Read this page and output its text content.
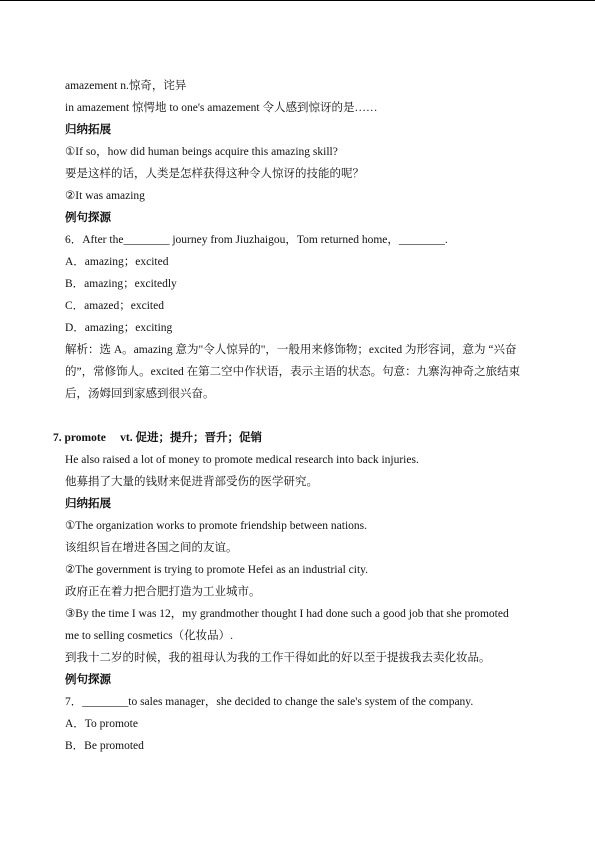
amazement n.惊奇，诧异
in amazement 惊愕地 to one's amazement 令人感到惊讶的是……
归纳拓展
①If so，how did human beings acquire this amazing skill?
要是这样的话，人类是怎样获得这种令人惊讶的技能的呢？
②It was amazing
例句探源
6．After the________ journey from Jiuzhaigou，Tom returned home，________.
A．amazing；excited
B．amazing；excitedly
C．amazed；excited
D．amazing；exciting
解析：选 A。amazing 意为"令人惊异的"，一般用来修饰物；excited 为形容词，意为 “兴奋
的”，常修饰人。excited 在第二空中作状语，表示主语的状态。句意：九寨沟神奇之旅结束
后，汤姆回到家感到很兴奋。
7. promote　 vt. 促进；提升；晋升；促销
He also raised a lot of money to promote medical research into back injuries.
他募捐了大量的钱财来促进背部受伤的医学研究。
归纳拓展
①The organization works to promote friendship between nations.
该组织旨在增进各国之间的友谊。
②The government is trying to promote Hefei as an industrial city.
政府正在着力把合肥打造为工业城市。
③By the time I was 12，my grandmother thought I had done such a good job that she promoted
me to selling cosmetics（化妆品）.
到我十二岁的时候，我的祖母认为我的工作干得如此的好以至于提拔我去卖化妆品。
例句探源
7．________to sales manager，she decided to change the sale's system of the company.
A．To promote
B．Be promoted
